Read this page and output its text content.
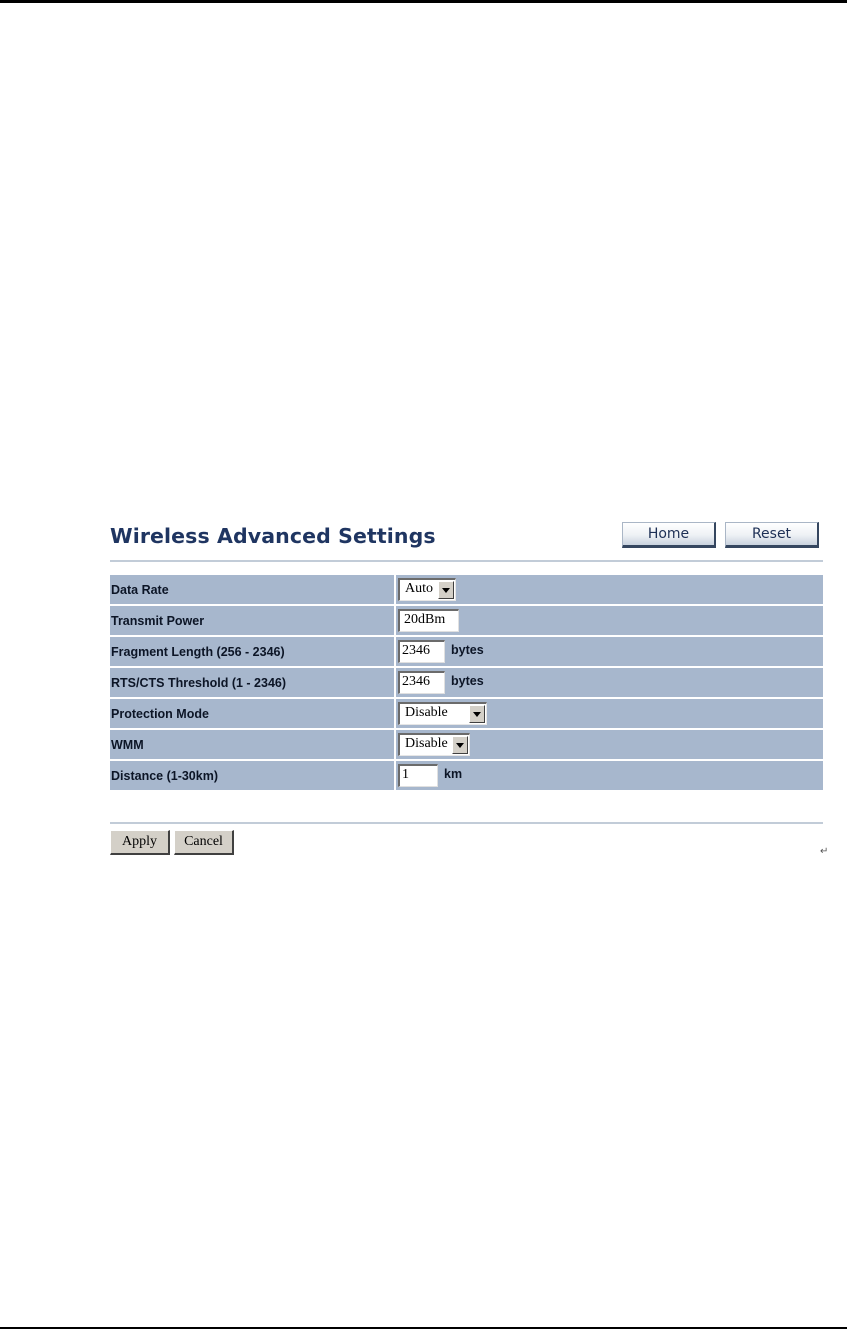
Wireless Advanced Settings	Home	Reset
Data Rate	Auto
Transmit Power	20dBm
Fragment Length (256 - 2346)	2346	bytes
RTS/CTS Threshold (1 - 2346)	2346	bytes
Protection Mode	Disable
WMM	Disable
Distance (1-30km)	1	km
Apply	Cancel
↵
